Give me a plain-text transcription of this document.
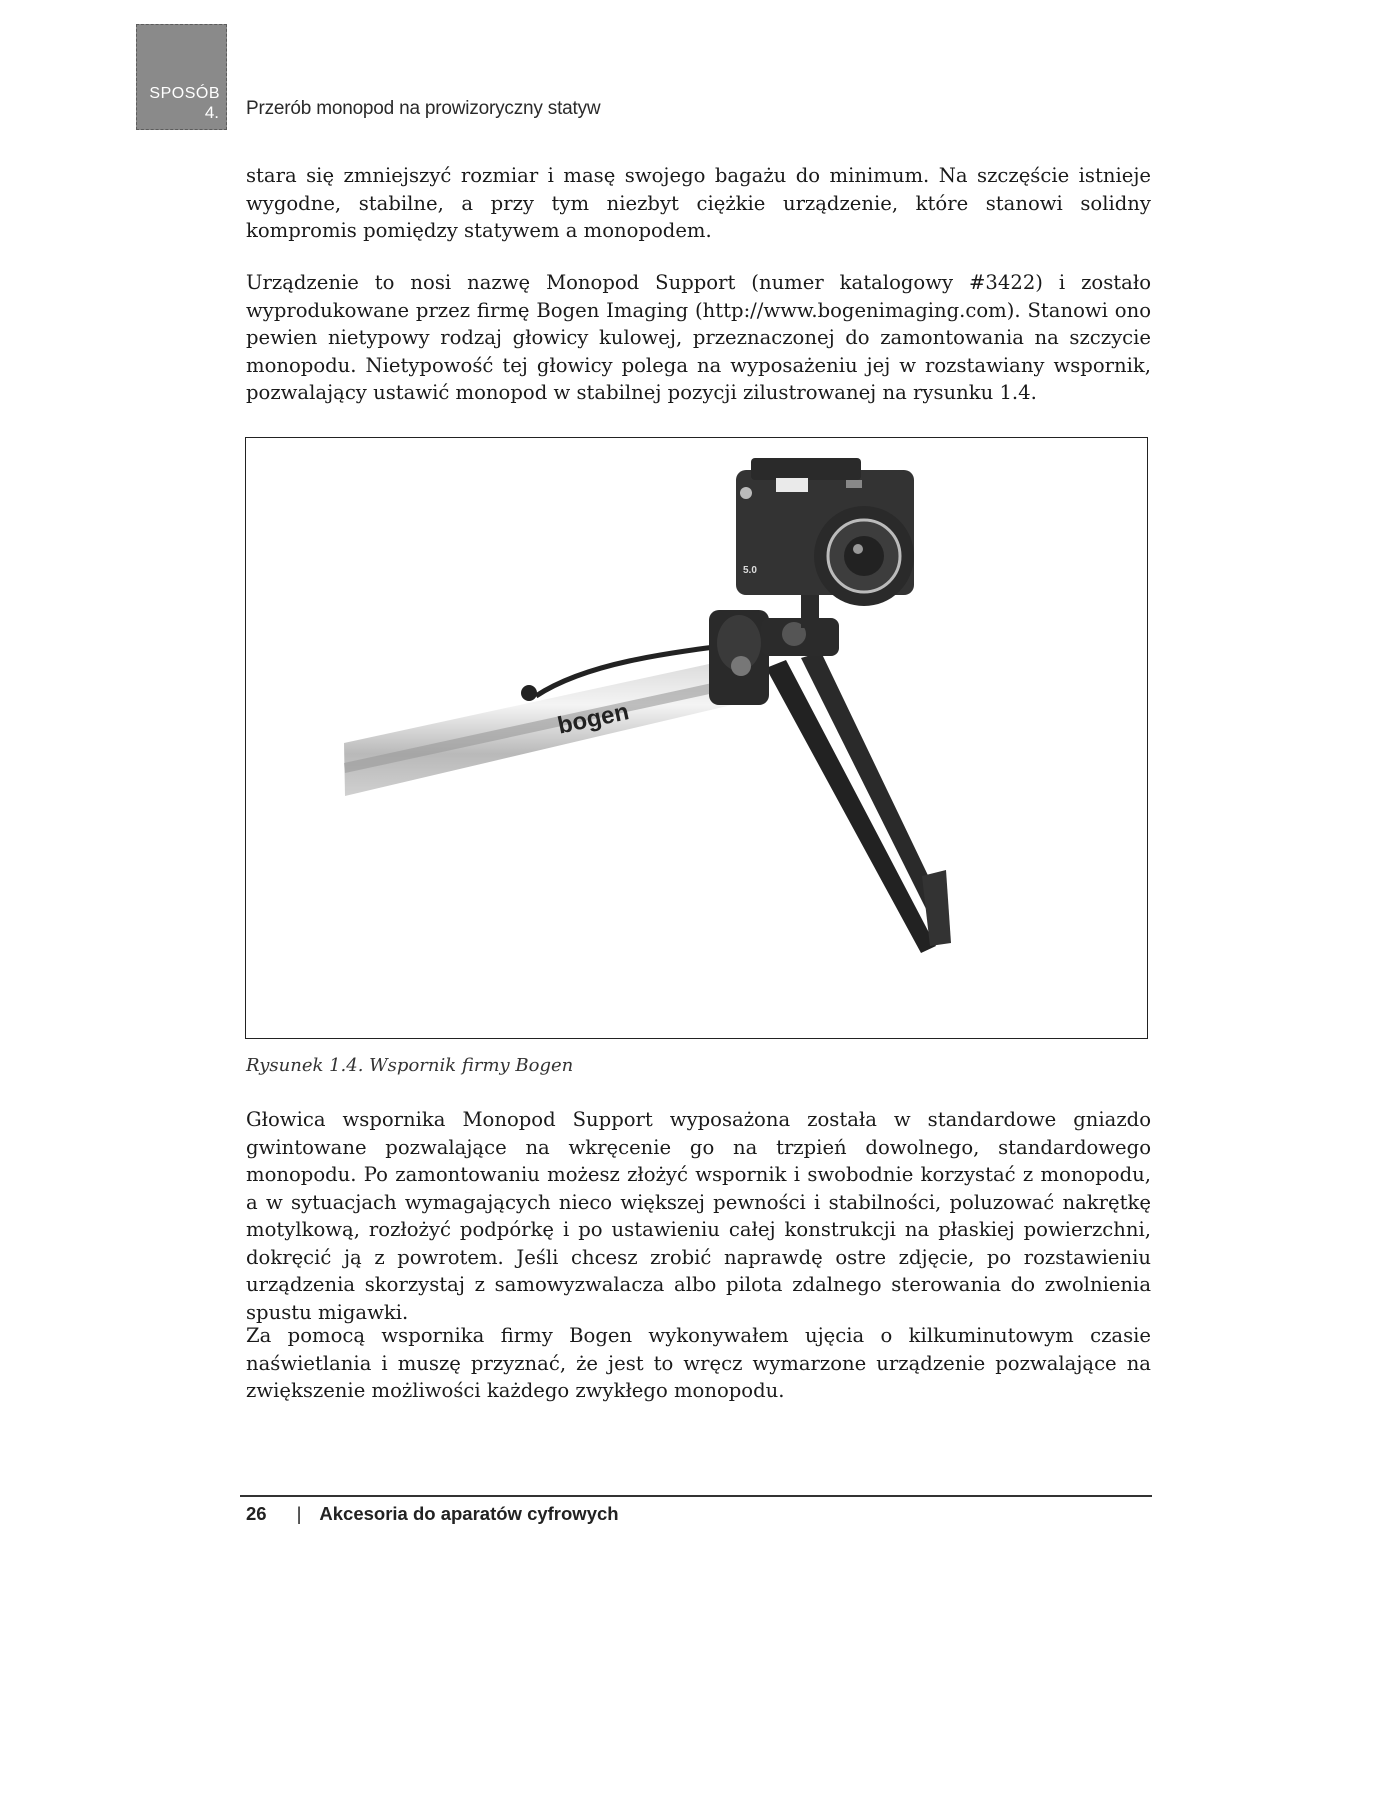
SPOSÓB
4. Przerób monopod na prowizoryczny statyw

stara się zmniejszyć rozmiar i masę swojego bagażu do minimum. Na szczęście istnieje wygodne, stabilne, a przy tym niezbyt ciężkie urządzenie, które stanowi solidny kompromis pomiędzy statywem a monopodem.

Urządzenie to nosi nazwę Monopod Support (numer katalogowy #3422) i zostało wyprodukowane przez firmę Bogen Imaging (http://www.bogenimaging.com). Stanowi ono pewien nietypowy rodzaj głowicy kulowej, przeznaczonej do zamontowania na szczycie monopodu. Nietypowość tej głowicy polega na wyposażeniu jej w rozstawiany wspornik, pozwalający ustawić monopod w stabilnej pozycji zilustrowanej na rysunku 1.4.

bogen
5.0
Rysunek 1.4. Wspornik firmy Bogen

Głowica wspornika Monopod Support wyposażona została w standardowe gniazdo gwintowane pozwalające na wkręcenie go na trzpień dowolnego, standardowego monopodu. Po zamontowaniu możesz złożyć wspornik i swobodnie korzystać z monopodu, a w sytuacjach wymagających nieco większej pewności i stabilności, poluzować nakrętkę motylkową, rozłożyć podpórkę i po ustawieniu całej konstrukcji na płaskiej powierzchni, dokręcić ją z powrotem. Jeśli chcesz zrobić naprawdę ostre zdjęcie, po rozstawieniu urządzenia skorzystaj z samowyzwalacza albo pilota zdalnego sterowania do zwolnienia spustu migawki.

Za pomocą wspornika firmy Bogen wykonywałem ujęcia o kilkuminutowym czasie naświetlania i muszę przyznać, że jest to wręcz wymarzone urządzenie pozwalające na zwiększenie możliwości każdego zwykłego monopodu.

26 | Akcesoria do aparatów cyfrowych
